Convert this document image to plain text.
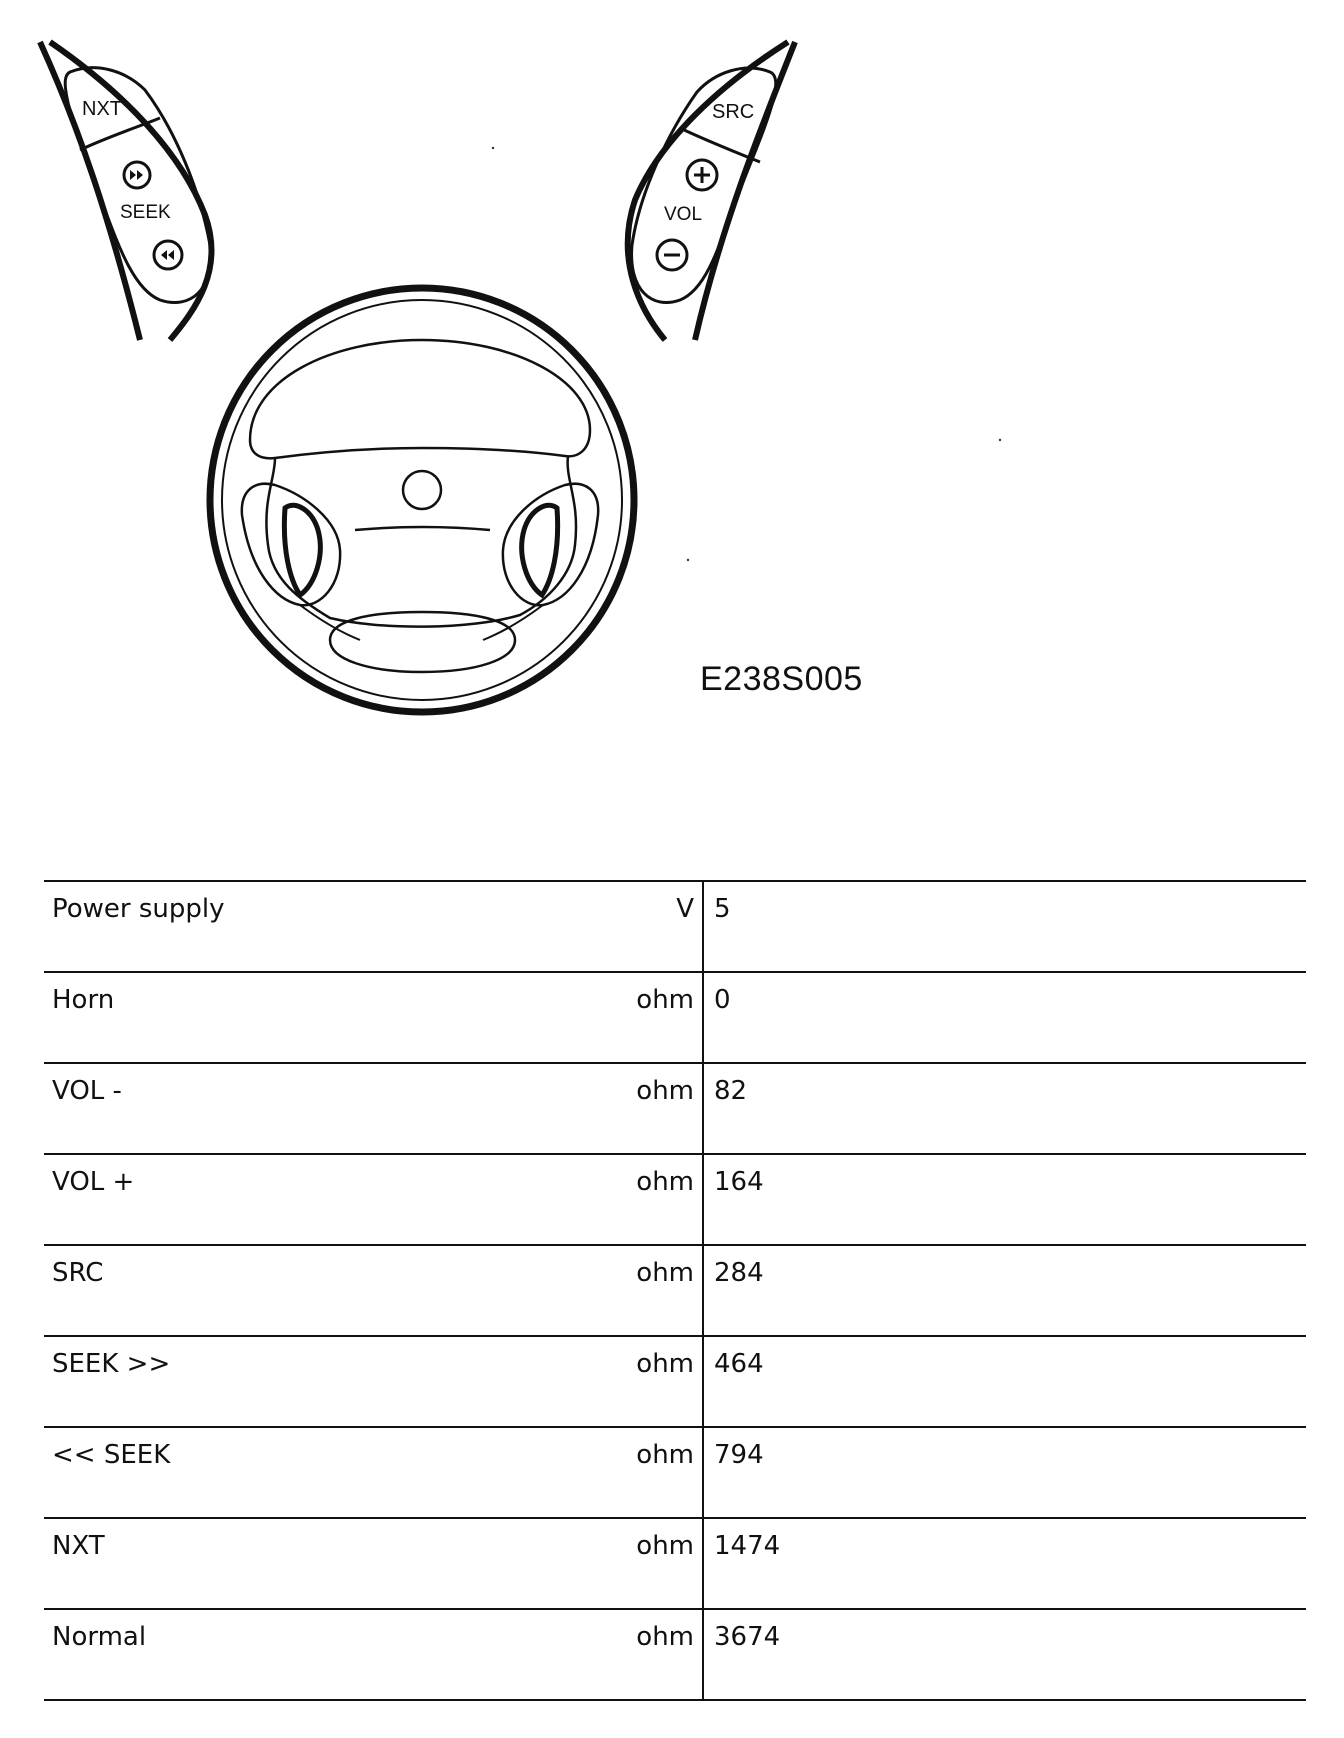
NXT
SEEK
SRC
VOL
E238S005
Power supply V	5
Horn ohm	0
VOL - ohm	82
VOL + ohm	164
SRC ohm	284
SEEK >> ohm	464
<< SEEK ohm	794
NXT ohm	1474
Normal ohm	3674
